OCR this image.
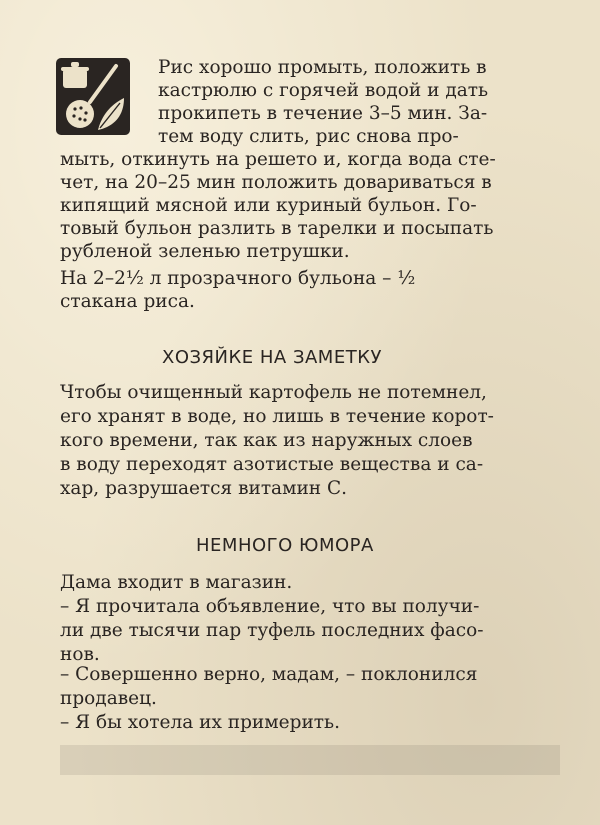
Рис хорошо промыть, положить в

кастрюлю с горячей водой и дать

прокипеть в течение 3–5 мин. За-

тем воду слить, рис снова про-

мыть, откинуть на решето и, когда вода сте-

чет, на 20–25 мин положить довариваться в

кипящий мясной или куриный бульон. Го-

товый бульон разлить в тарелки и посыпать

рубленой зеленью петрушки.

На 2–2½ л прозрачного бульона – ½

стакана риса.

ХОЗЯЙКЕ НА ЗАМЕТКУ

Чтобы очищенный картофель не потемнел,

его хранят в воде, но лишь в течение корот-

кого времени, так как из наружных слоев

в воду переходят азотистые вещества и са-

хар, разрушается витамин С.

НЕМНОГО ЮМОРА

Дама входит в магазин.

– Я прочитала объявление, что вы получи-

ли две тысячи пар туфель последних фасо-

нов.

– Совершенно верно, мадам, – поклонился

продавец.

– Я бы хотела их примерить.
